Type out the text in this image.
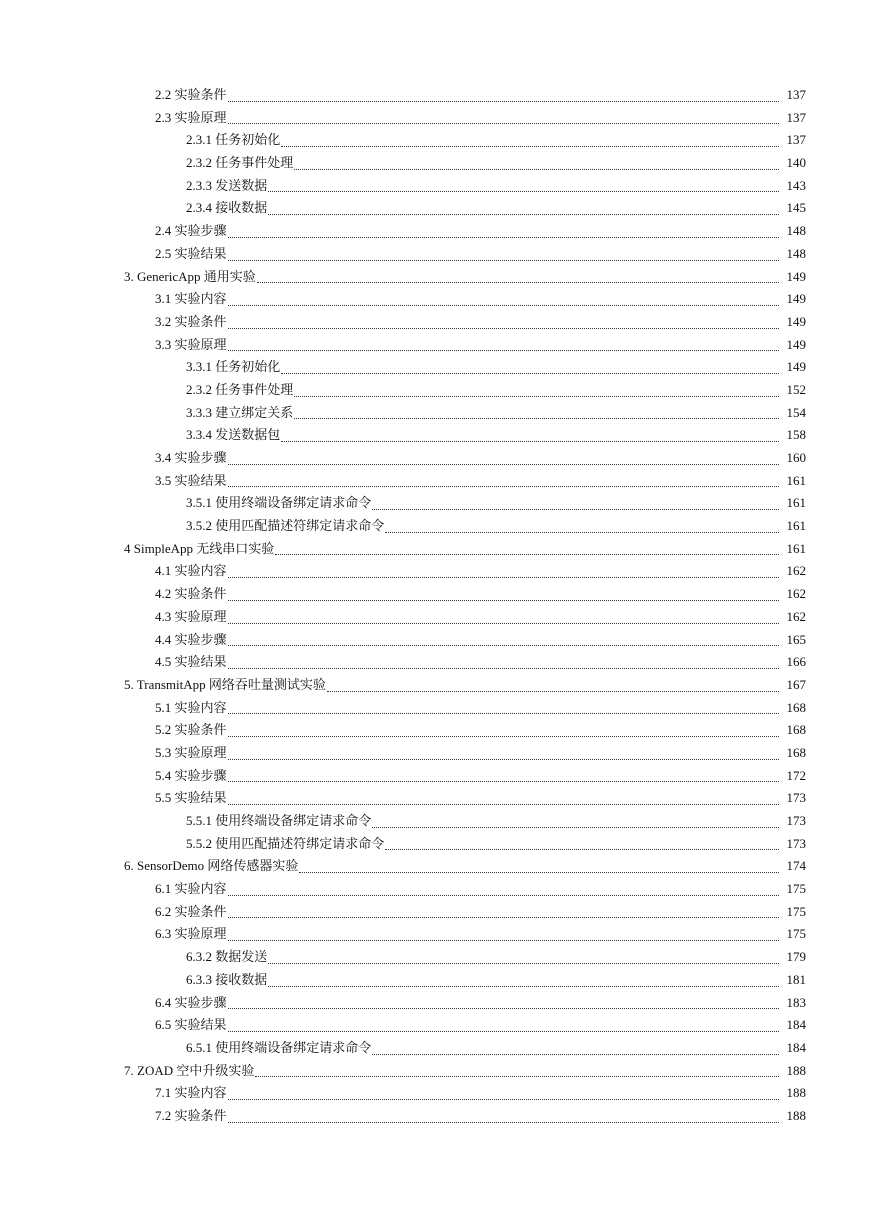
2.2 实验条件	137
2.3 实验原理	137
2.3.1 任务初始化	137
2.3.2 任务事件处理	140
2.3.3 发送数据	143
2.3.4 接收数据	145
2.4 实验步骤	148
2.5 实验结果	148
3. GenericApp 通用实验	149
3.1 实验内容	149
3.2 实验条件	149
3.3 实验原理	149
3.3.1 任务初始化	149
2.3.2 任务事件处理	152
3.3.3 建立绑定关系	154
3.3.4 发送数据包	158
3.4 实验步骤	160
3.5 实验结果	161
3.5.1 使用终端设备绑定请求命令	161
3.5.2 使用匹配描述符绑定请求命令	161
4 SimpleApp 无线串口实验	161
4.1 实验内容	162
4.2 实验条件	162
4.3 实验原理	162
4.4 实验步骤	165
4.5 实验结果	166
5. TransmitApp 网络吞吐量测试实验	167
5.1 实验内容	168
5.2 实验条件	168
5.3 实验原理	168
5.4 实验步骤	172
5.5 实验结果	173
5.5.1 使用终端设备绑定请求命令	173
5.5.2 使用匹配描述符绑定请求命令	173
6. SensorDemo 网络传感器实验	174
6.1 实验内容	175
6.2 实验条件	175
6.3 实验原理	175
6.3.2 数据发送	179
6.3.3 接收数据	181
6.4 实验步骤	183
6.5 实验结果	184
6.5.1 使用终端设备绑定请求命令	184
7. ZOAD 空中升级实验	188
7.1 实验内容	188
7.2 实验条件	188
